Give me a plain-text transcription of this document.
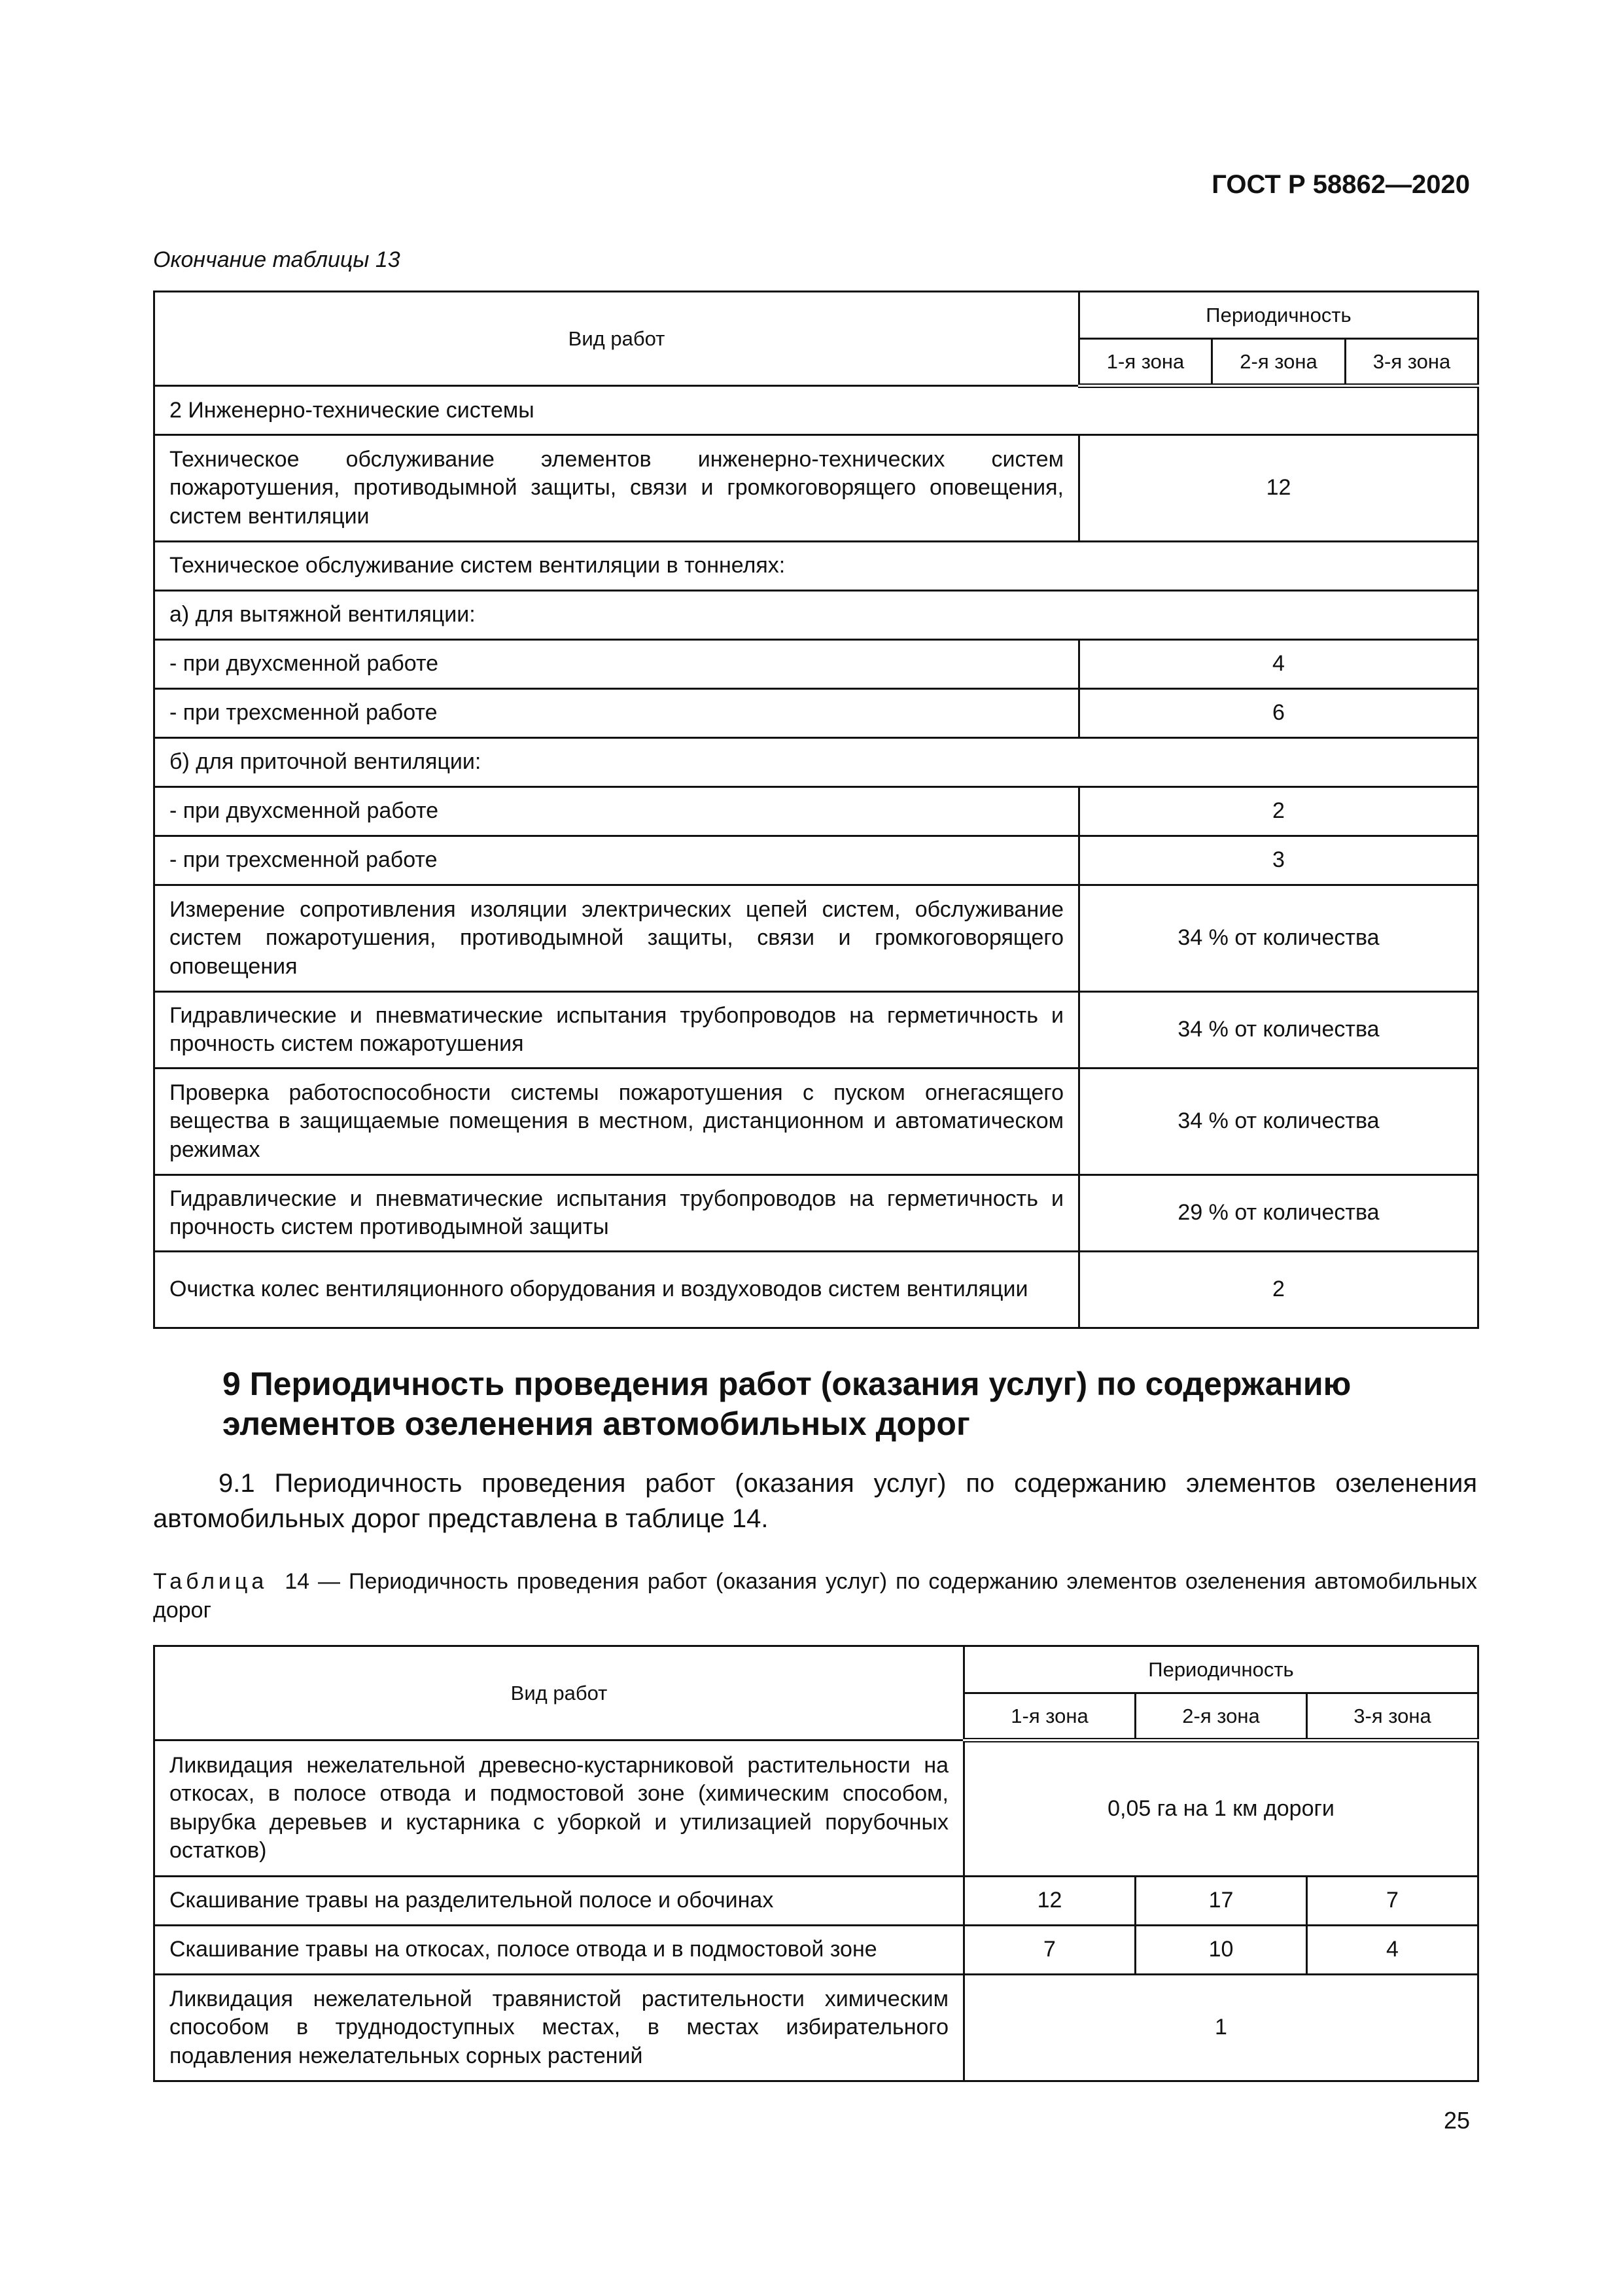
ГОСТ Р 58862—2020
Окончание таблицы 13
Вид работ	Периодичность		
	1-я зона	2-я зона	3-я зона
2 Инженерно-технические системы			
Техническое обслуживание элементов инженерно-технических систем пожаротушения, противодымной защиты, связи и громкоговорящего оповещения, систем вентиляции	12		
Техническое обслуживание систем вентиляции в тоннелях:			
а) для вытяжной вентиляции:			
- при двухсменной работе	4		
- при трехсменной работе	6		
б) для приточной вентиляции:			
- при двухсменной работе	2		
- при трехсменной работе	3		
Измерение сопротивления изоляции электрических цепей систем, обслуживание систем пожаротушения, противодымной защиты, связи и громкоговорящего оповещения	34 % от количества		
Гидравлические и пневматические испытания трубопроводов на герметичность и прочность систем пожаротушения	34 % от количества		
Проверка работоспособности системы пожаротушения с пуском огнегасящего вещества в защищаемые помещения в местном, дистанционном и автоматическом режимах	34 % от количества		
Гидравлические и пневматические испытания трубопроводов на герметичность и прочность систем противодымной защиты	29 % от количества		
Очистка колес вентиляционного оборудования и воздуховодов систем вентиляции	2		
9 Периодичность проведения работ (оказания услуг) по содержанию элементов озеленения автомобильных дорог
9.1 Периодичность проведения работ (оказания услуг) по содержанию элементов озеленения автомобильных дорог представлена в таблице 14.
Таблица 14 — Периодичность проведения работ (оказания услуг) по содержанию элементов озеленения автомобильных дорог
Вид работ	Периодичность		
	1-я зона	2-я зона	3-я зона
Ликвидация нежелательной древесно-кустарниковой растительности на откосах, в полосе отвода и подмостовой зоне (химическим способом, вырубка деревьев и кустарника с уборкой и утилизацией порубочных остатков)	0,05 га на 1 км дороги		
Скашивание травы на разделительной полосе и обочинах	12	17	7
Скашивание травы на откосах, полосе отвода и в подмостовой зоне	7	10	4
Ликвидация нежелательной травянистой растительности химическим способом в труднодоступных местах, в местах избирательного подавления нежелательных сорных растений	1		
25
